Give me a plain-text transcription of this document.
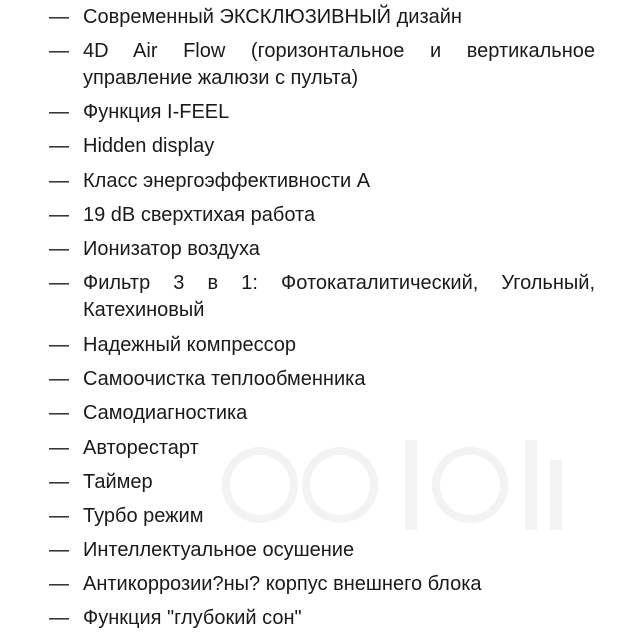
— Современный ЭКСКЛЮЗИВНЫЙ дизайн
— 4D Air Flow (горизонтальное и вертикальное управление жалюзи с пульта)
— Функция I-FEEL
— Hidden display
— Класс энергоэффективности А
— 19 dB сверхтихая работа
— Ионизатор воздуха
— Фильтр 3 в 1: Фотокаталитический, Угольный, Катехиновый
— Надежный компрессор
— Самоочистка теплообменника
— Самодиагностика
— Авторестарт
— Таймер
— Турбо режим
— Интеллектуальное осушение
— Антикоррозии?ны? корпус внешнего блока
— Функция "глубокий сон"
